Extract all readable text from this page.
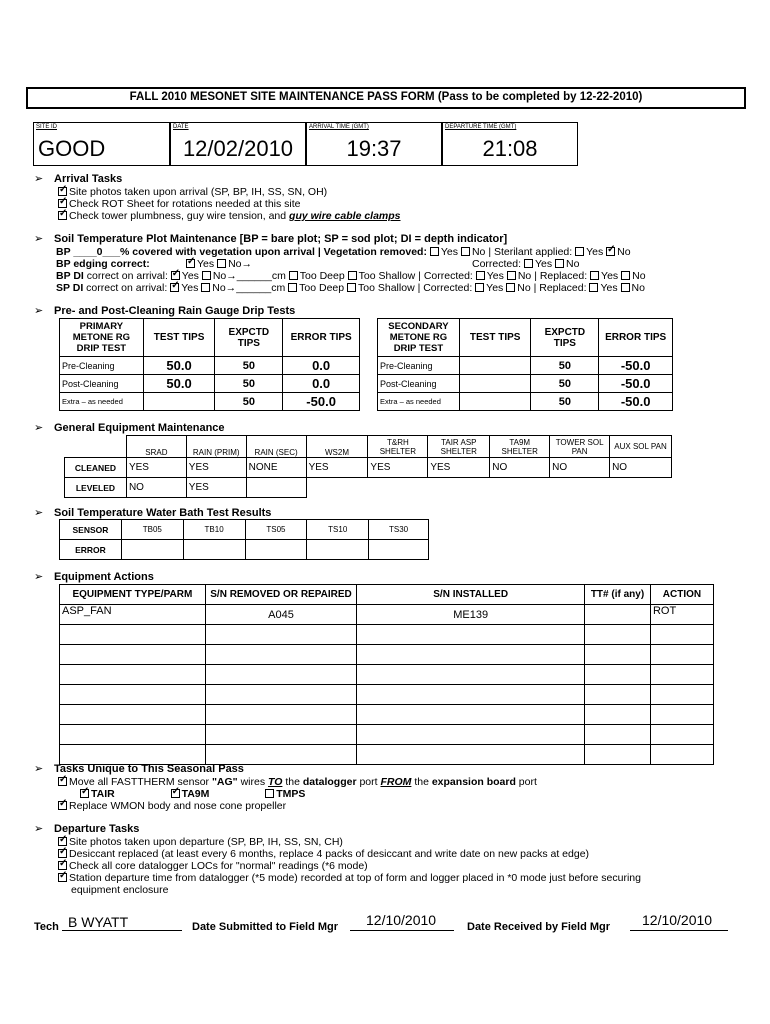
FALL 2010 MESONET SITE MAINTENANCE PASS FORM (Pass to be completed by 12-22-2010)
SITE ID
GOOD
DATE
12/02/2010
ARRIVAL TIME (GMT)
19:37
DEPARTURE TIME (GMT)
21:08
➢ Arrival Tasks
✓Site photos taken upon arrival (SP, BP, IH, SS, SN, OH)
✓Check ROT Sheet for rotations needed at this site
✓Check tower plumbness, guy wire tension, and guy wire cable clamps
➢ Soil Temperature Plot Maintenance [BP = bare plot; SP = sod plot; DI = depth indicator]
BP ____0___% covered with vegetation upon arrival | Vegetation removed: Yes No | Sterilant applied: Yes ✓ No
BP edging correct: ✓	Yes No→	Corrected: Yes No
BP DI correct on arrival: ✓ Yes No→______cm Too Deep Too Shallow | Corrected: Yes No | Replaced: Yes No
SP DI correct on arrival: ✓ Yes No→______cm Too Deep Too Shallow | Corrected: Yes No | Replaced: Yes No
➢ Pre- and Post-Cleaning Rain Gauge Drip Tests
PRIMARY METONE RG DRIP TEST	TEST TIPS	EXPCTD TIPS	ERROR TIPS
Pre-Cleaning	50.0	50	0.0
Post-Cleaning	50.0	50	0.0
Extra – as needed		50	-50.0
SECONDARY METONE RG DRIP TEST	TEST TIPS	EXPCTD TIPS	ERROR TIPS
Pre-Cleaning		50	-50.0
Post-Cleaning		50	-50.0
Extra – as needed		50	-50.0
➢ General Equipment Maintenance
	SRAD	RAIN (PRIM)	RAIN (SEC)	WS2M	T&RH SHELTER	TAIR ASP SHELTER	TA9M SHELTER	TOWER SOL PAN	AUX SOL PAN
CLEANED	YES	YES	NONE	YES	YES	YES	NO	NO	NO
LEVELED	NO	YES							
➢ Soil Temperature Water Bath Test Results
SENSOR	TB05	TB10	TS05	TS10	TS30
ERROR					
➢ Equipment Actions
EQUIPMENT TYPE/PARM	S/N REMOVED OR REPAIRED	S/N INSTALLED	TT# (if any)	ACTION
ASP_FAN	A045	ME139		ROT

➢ Tasks Unique to This Seasonal Pass
✓Move all FASTTHERM sensor "AG" wires TO the datalogger port FROM the expansion board port
✓TAIR ✓	TA9M	TMPS
✓Replace WMON body and nose cone propeller
➢ Departure Tasks
✓Site photos taken upon departure (SP, BP, IH, SS, SN, CH)
✓Desiccant replaced (at least every 6 months, replace 4 packs of desiccant and write date on new packs at edge)
✓Check all core datalogger LOCs for "normal" readings (*6 mode)
✓Station departure time from datalogger (*5 mode) recorded at top of form and logger placed in *0 mode just before securing
equipment enclosure
Tech B WYATT	Date Submitted to Field Mgr 12/10/2010	Date Received by Field Mgr 12/10/2010
